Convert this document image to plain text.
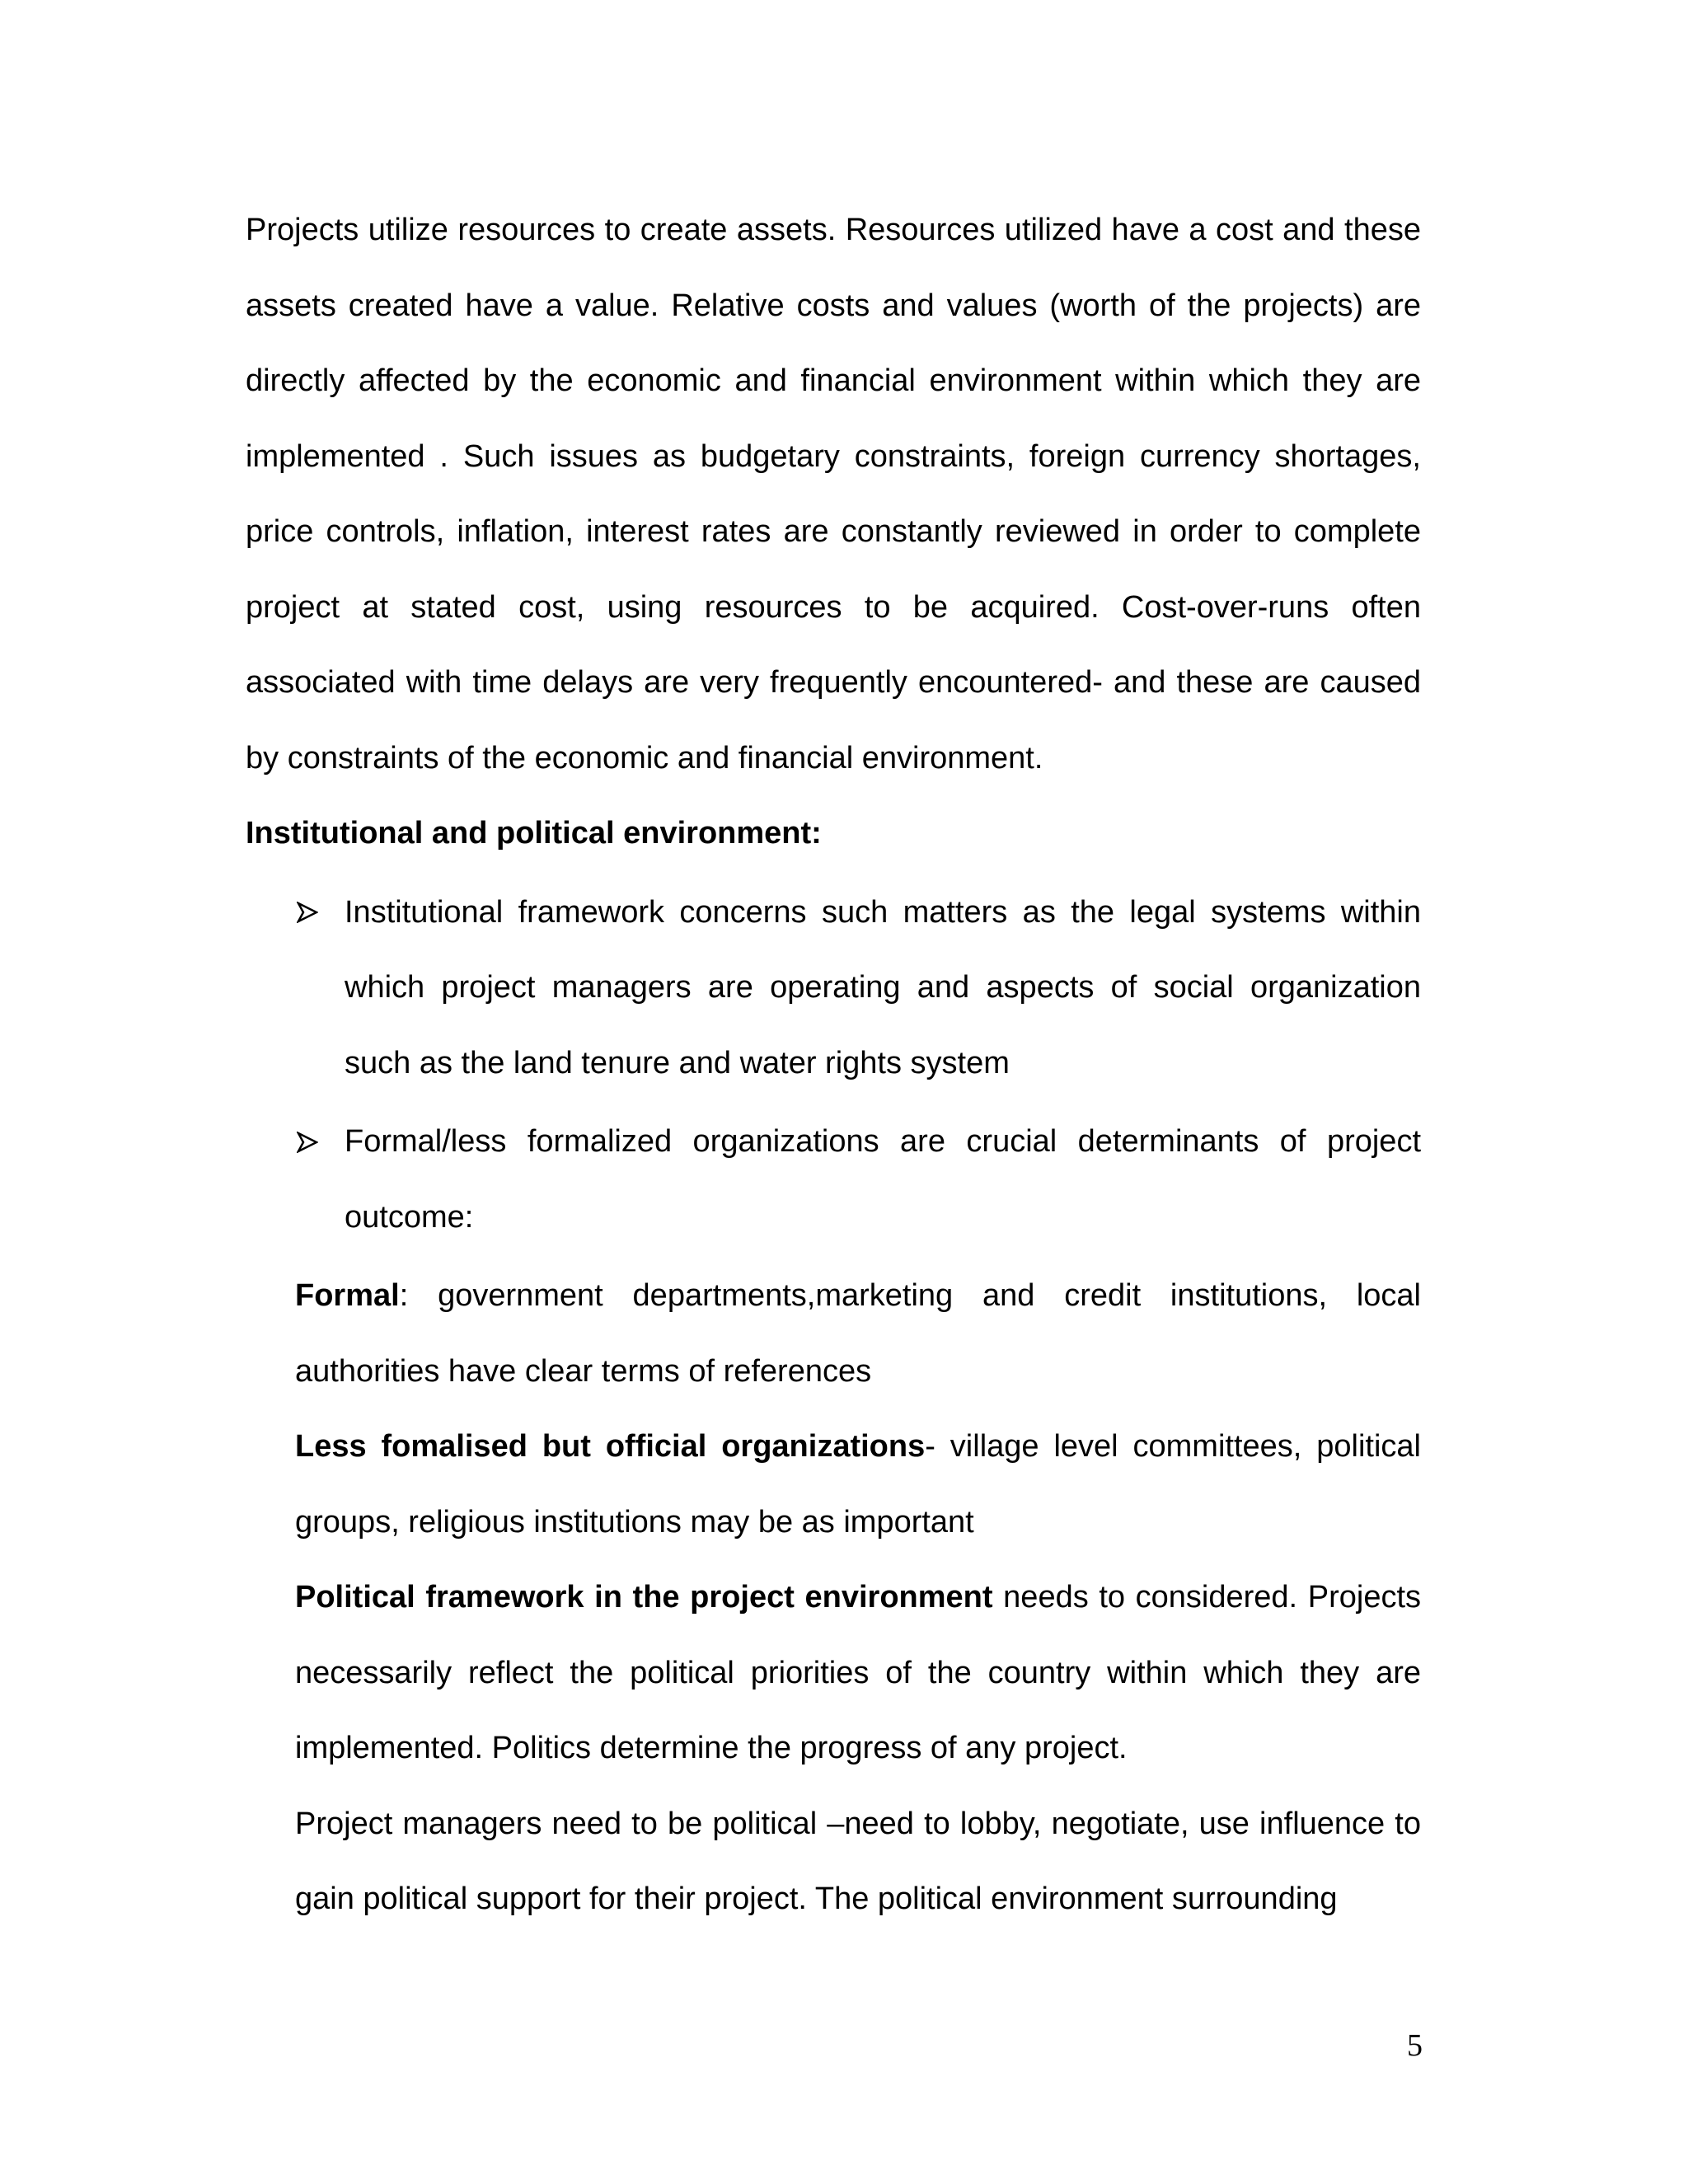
Projects utilize resources to create assets. Resources utilized have a cost and these assets created have a value. Relative costs and values (worth of the projects) are directly affected by the economic and financial environment within which they are implemented . Such issues as budgetary constraints, foreign currency shortages, price controls, inflation, interest rates are constantly reviewed in order to complete project at stated cost, using resources to be acquired. Cost-over-runs often associated with time delays are very frequently encountered- and these are caused by constraints of the economic and financial environment.

Institutional and political environment:

Institutional framework concerns such matters as the legal systems within which project managers are operating and aspects of social organization such as the land tenure and water rights system
Formal/less formalized organizations are crucial determinants of project outcome:

Formal: government departments,marketing and credit institutions, local authorities have clear terms of references

Less fomalised but official organizations- village level committees, political groups, religious institutions may be as important

Political framework in the project environment needs to considered. Projects necessarily reflect the political priorities of the country within which they are implemented. Politics determine the progress of any project.

Project managers need to be political –need to lobby, negotiate, use influence to gain political support for their project. The political environment surrounding

5
